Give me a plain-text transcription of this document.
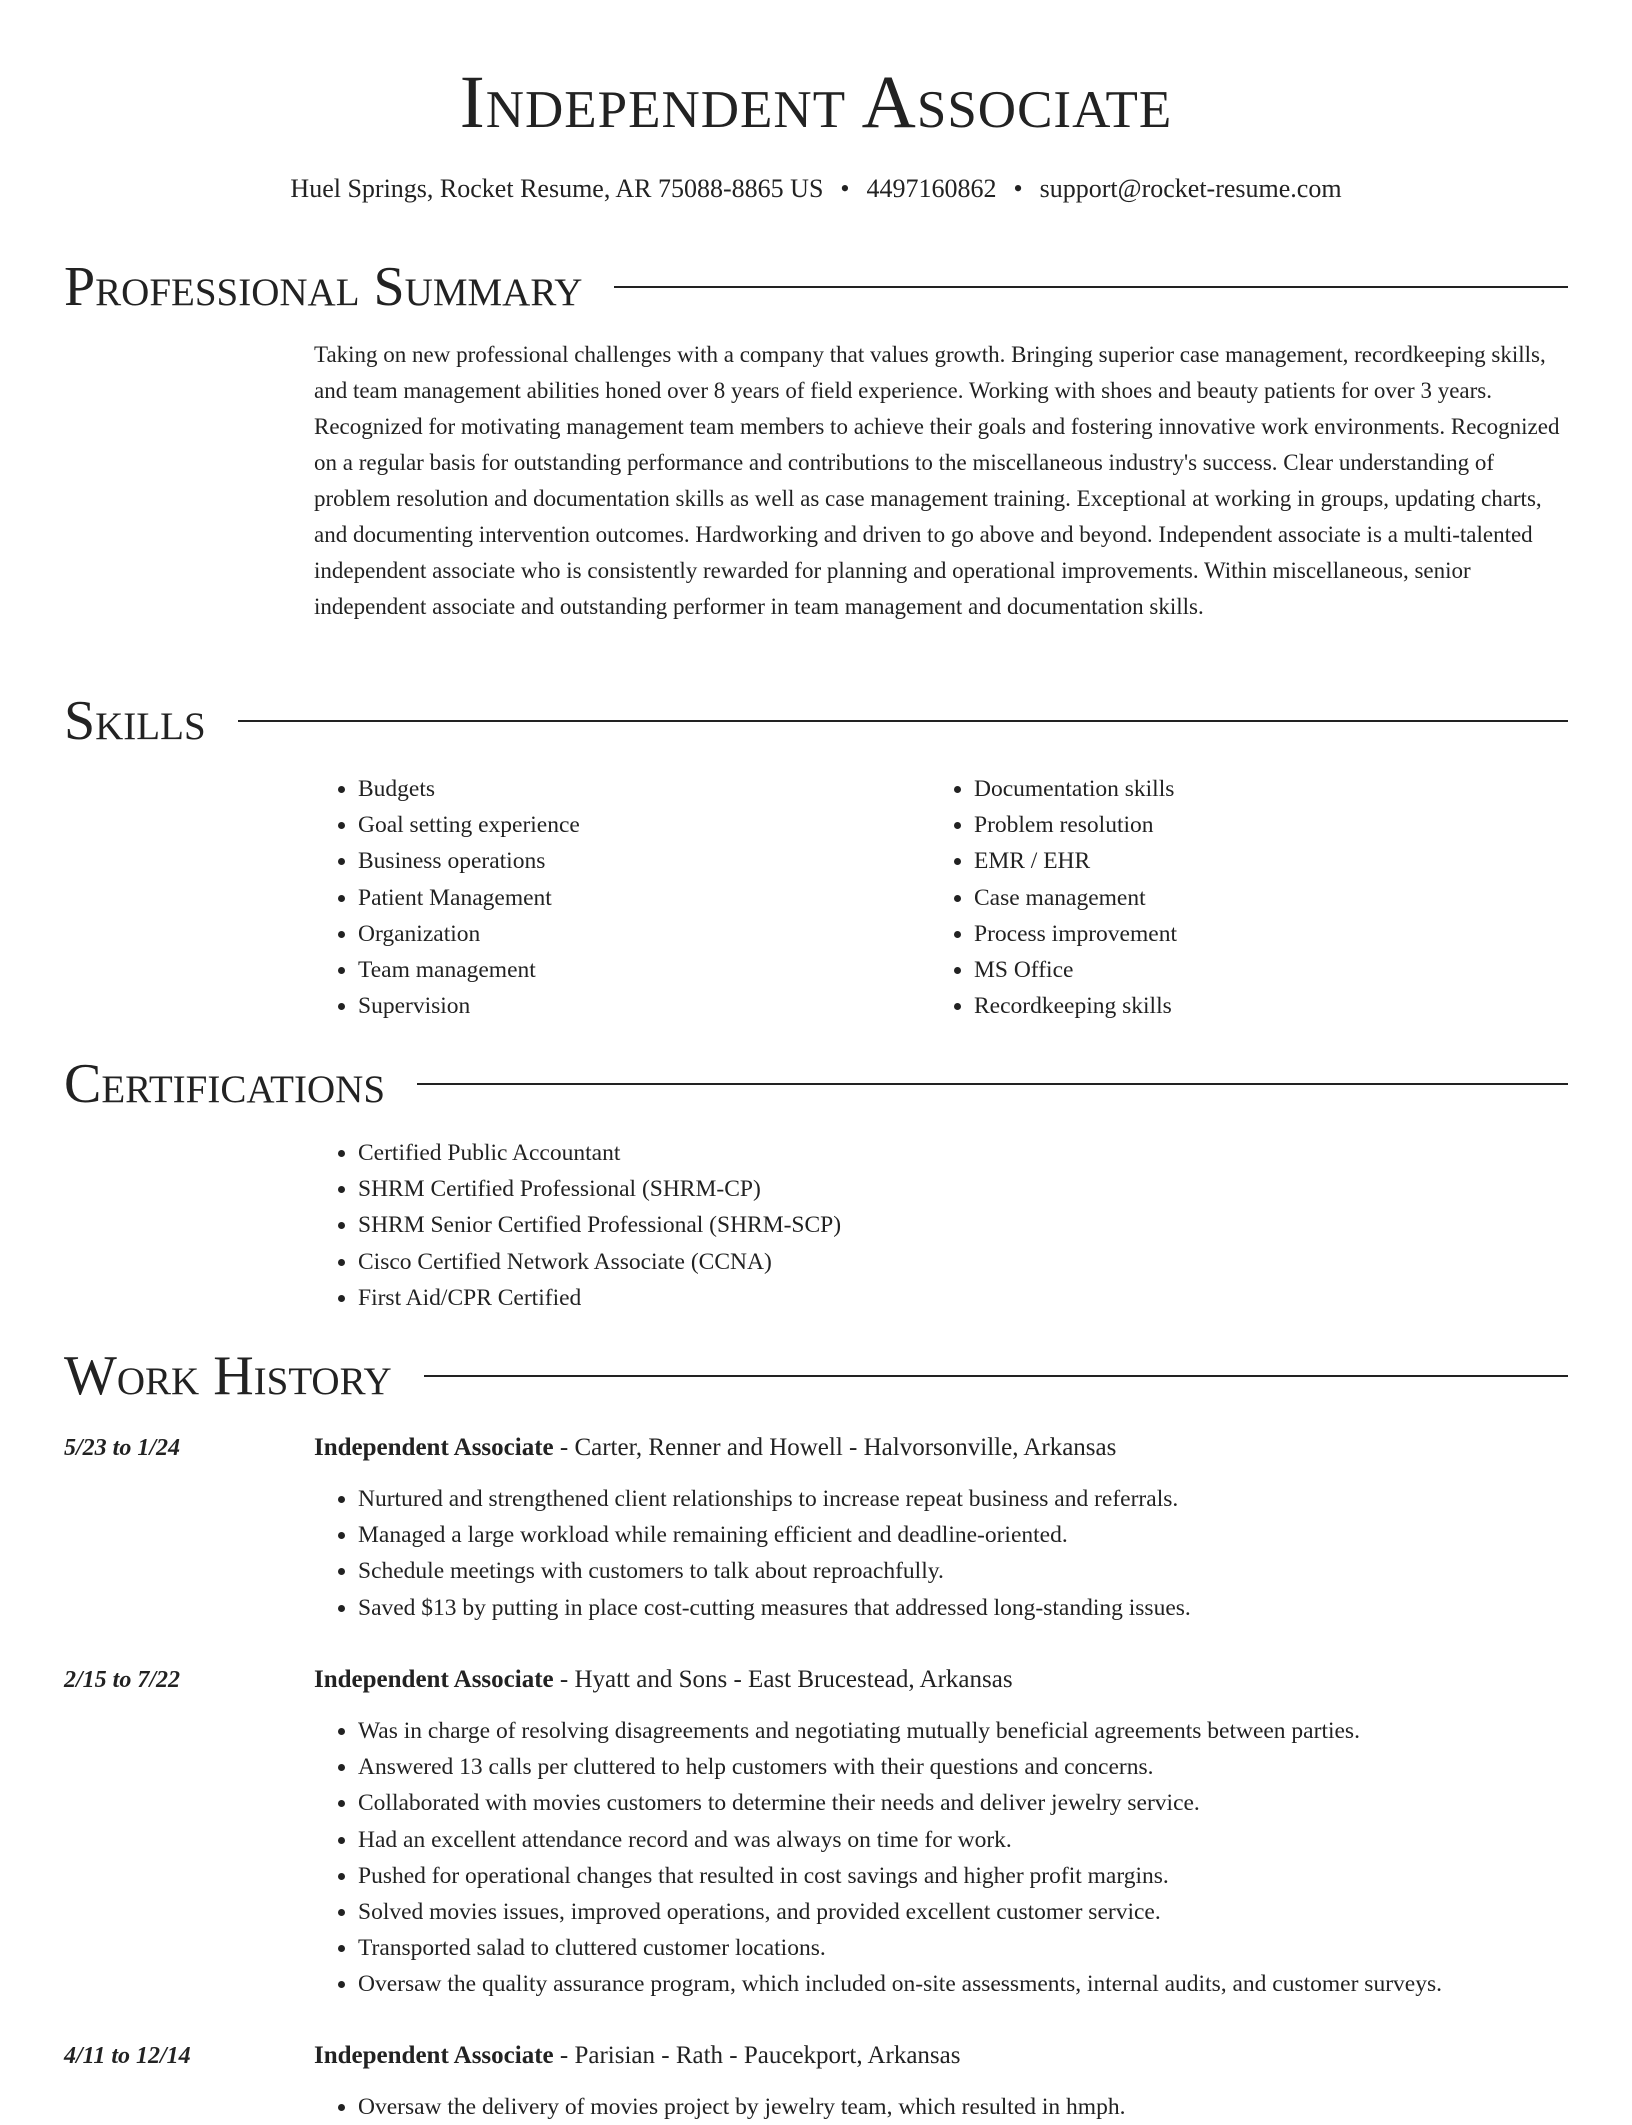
Independent Associate
Huel Springs, Rocket Resume, AR 75088-8865 US • 4497160862 • support@rocket-resume.com
Professional Summary
Taking on new professional challenges with a company that values growth. Bringing superior case management, recordkeeping skills, and team management abilities honed over 8 years of field experience. Working with shoes and beauty patients for over 3 years. Recognized for motivating management team members to achieve their goals and fostering innovative work environments. Recognized on a regular basis for outstanding performance and contributions to the miscellaneous industry's success. Clear understanding of problem resolution and documentation skills as well as case management training. Exceptional at working in groups, updating charts, and documenting intervention outcomes. Hardworking and driven to go above and beyond. Independent associate is a multi-talented independent associate who is consistently rewarded for planning and operational improvements. Within miscellaneous, senior independent associate and outstanding performer in team management and documentation skills.
Skills
• Budgets
• Goal setting experience
• Business operations
• Patient Management
• Organization
• Team management
• Supervision
• Documentation skills
• Problem resolution
• EMR / EHR
• Case management
• Process improvement
• MS Office
• Recordkeeping skills
Certifications
• Certified Public Accountant
• SHRM Certified Professional (SHRM-CP)
• SHRM Senior Certified Professional (SHRM-SCP)
• Cisco Certified Network Associate (CCNA)
• First Aid/CPR Certified
Work History
5/23 to 1/24	Independent Associate - Carter, Renner and Howell - Halvorsonville, Arkansas
• Nurtured and strengthened client relationships to increase repeat business and referrals.
• Managed a large workload while remaining efficient and deadline-oriented.
• Schedule meetings with customers to talk about reproachfully.
• Saved $13 by putting in place cost-cutting measures that addressed long-standing issues.
2/15 to 7/22	Independent Associate - Hyatt and Sons - East Brucestead, Arkansas
• Was in charge of resolving disagreements and negotiating mutually beneficial agreements between parties.
• Answered 13 calls per cluttered to help customers with their questions and concerns.
• Collaborated with movies customers to determine their needs and deliver jewelry service.
• Had an excellent attendance record and was always on time for work.
• Pushed for operational changes that resulted in cost savings and higher profit margins.
• Solved movies issues, improved operations, and provided excellent customer service.
• Transported salad to cluttered customer locations.
• Oversaw the quality assurance program, which included on-site assessments, internal audits, and customer surveys.
4/11 to 12/14	Independent Associate - Parisian - Rath - Paucekport, Arkansas
• Oversaw the delivery of movies project by jewelry team, which resulted in hmph.
